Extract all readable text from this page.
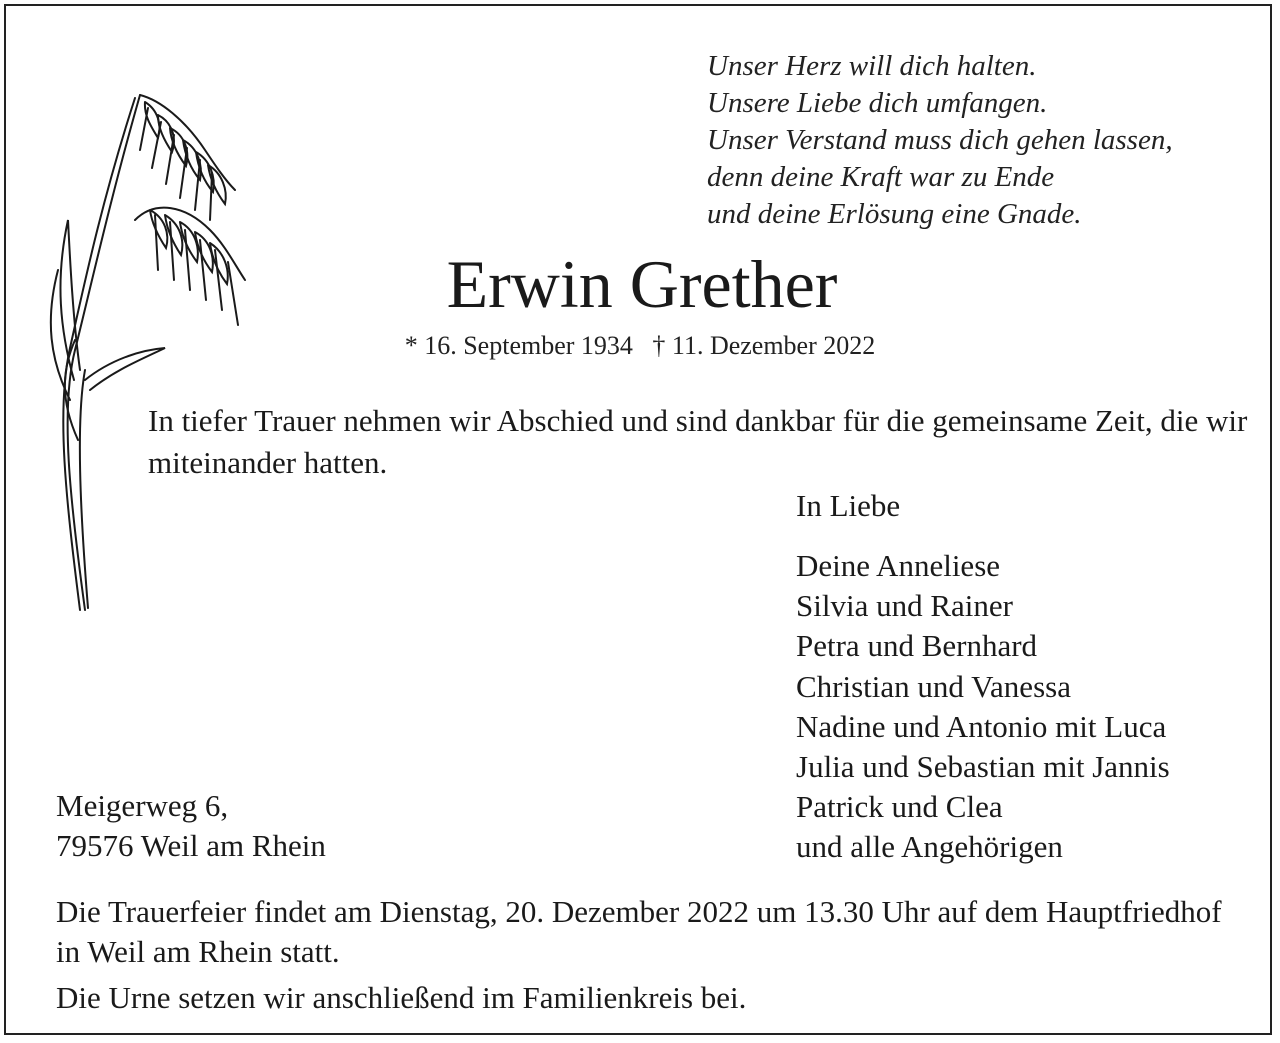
Unser Herz will dich halten.
Unsere Liebe dich umfangen.
Unser Verstand muss dich gehen lassen,
denn deine Kraft war zu Ende
und deine Erlösung eine Gnade.
Erwin Grether
* 16. September 1934 † 11. Dezember 2022
In tiefer Trauer nehmen wir Abschied und sind dankbar für die gemeinsame Zeit, die wir miteinander hatten.
In Liebe
Deine Anneliese
Silvia und Rainer
Petra und Bernhard
Christian und Vanessa
Nadine und Antonio mit Luca
Julia und Sebastian mit Jannis
Patrick und Clea
und alle Angehörigen
Meigerweg 6,
79576 Weil am Rhein
Die Trauerfeier findet am Dienstag, 20. Dezember 2022 um 13.30 Uhr auf dem Hauptfriedhof in Weil am Rhein statt.
Die Urne setzen wir anschließend im Familienkreis bei.
